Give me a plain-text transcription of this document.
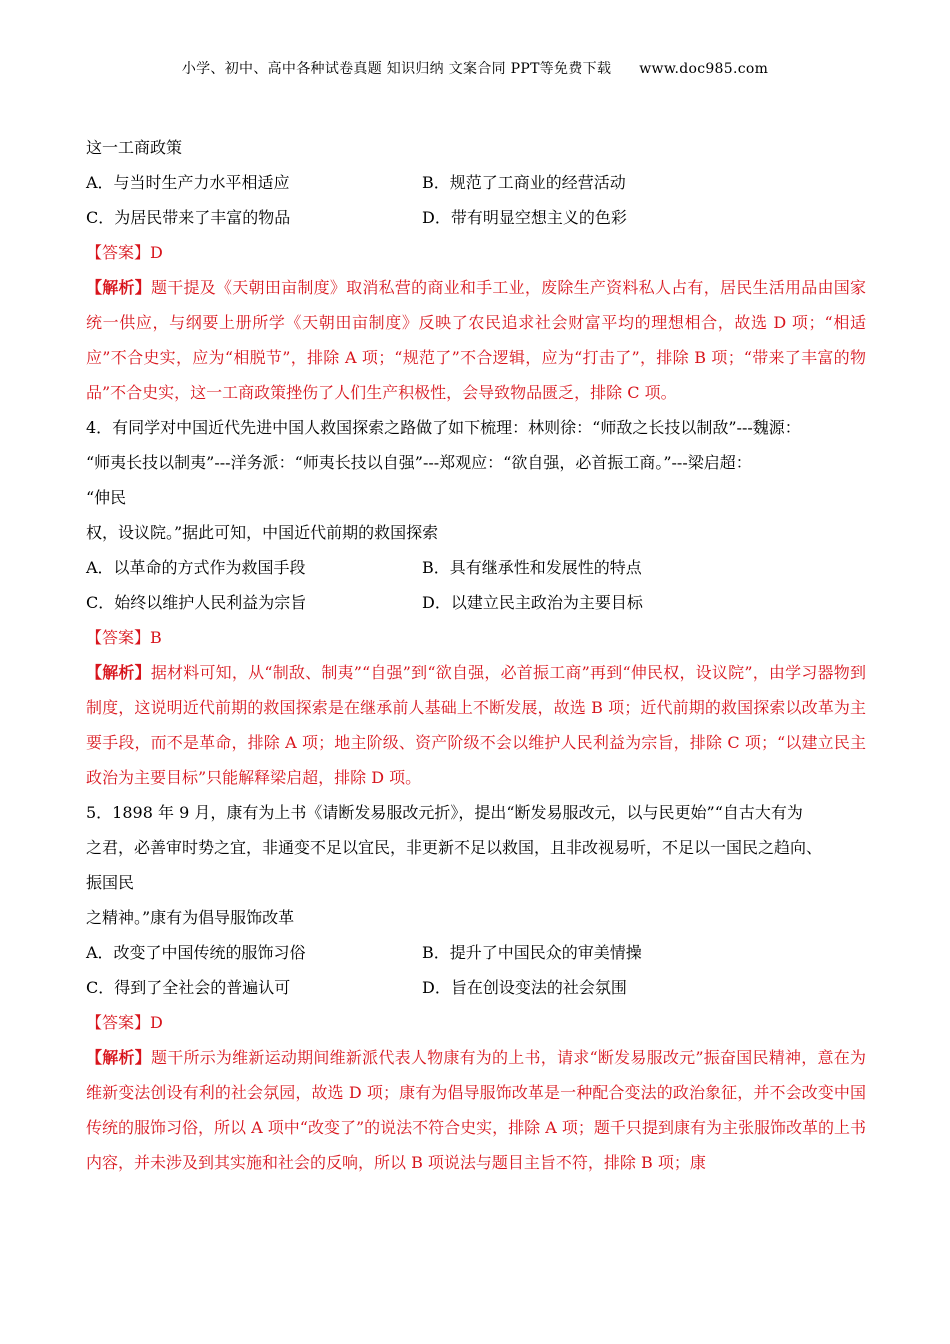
小学、初中、高中各种试卷真题 知识归纳 文案合同 PPT等免费下载 www.doc985.com
这一工商政策
A．与当时生产力水平相适应	B．规范了工商业的经营活动
C．为居民带来了丰富的物品	D．带有明显空想主义的色彩
【答案】D
【解析】题干提及《天朝田亩制度》取消私营的商业和手工业，废除生产资料私人占有，居民生活用品由国家统一供应，与纲要上册所学《天朝田亩制度》反映了农民追求社会财富平均的理想相合，故选 D 项；“相适应”不合史实，应为“相脱节”，排除 A 项；“规范了”不合逻辑，应为“打击了”，排除 B 项；“带来了丰富的物品”不合史实，这一工商政策挫伤了人们生产积极性，会导致物品匮乏，排除 C 项。
4．有同学对中国近代先进中国人救国探索之路做了如下梳理：林则徐：“师敌之长技以制敌”---魏源：
“师夷长技以制夷”---洋务派：“师夷长技以自强”---郑观应：“欲自强，必首振工商。”---梁启超：
“伸民
权，设议院。”据此可知，中国近代前期的救国探索
A．以革命的方式作为救国手段	B．具有继承性和发展性的特点
C．始终以维护人民利益为宗旨	D．以建立民主政治为主要目标
【答案】B
【解析】据材料可知，从“制敌、制夷”“自强”到“欲自强，必首振工商”再到“伸民权，设议院”，由学习器物到制度，这说明近代前期的救国探索是在继承前人基础上不断发展，故选 B 项；近代前期的救国探索以改革为主要手段，而不是革命，排除 A 项；地主阶级、资产阶级不会以维护人民利益为宗旨，排除 C 项；“以建立民主政治为主要目标”只能解释梁启超，排除 D 项。
5．1898 年 9 月，康有为上书《请断发易服改元折》，提出“断发易服改元，以与民更始”“自古大有为
之君，必善审时势之宜，非通变不足以宜民，非更新不足以救国，且非改视易听，不足以一国民之趋向、
振国民
之精神。”康有为倡导服饰改革
A．改变了中国传统的服饰习俗	B．提升了中国民众的审美情操
C．得到了全社会的普遍认可	D．旨在创设变法的社会氛围
【答案】D
【解析】题干所示为维新运动期间维新派代表人物康有为的上书，请求“断发易服改元”振奋国民精神，意在为维新变法创设有利的社会氛园，故选 D 项；康有为倡导服饰改革是一种配合变法的政治象征，并不会改变中国传统的服饰习俗，所以 A 项中“改变了”的说法不符合史实，排除 A 项；题千只提到康有为主张服饰改革的上书内容，并未涉及到其实施和社会的反响，所以 B 项说法与题目主旨不符，排除 B 项；康
